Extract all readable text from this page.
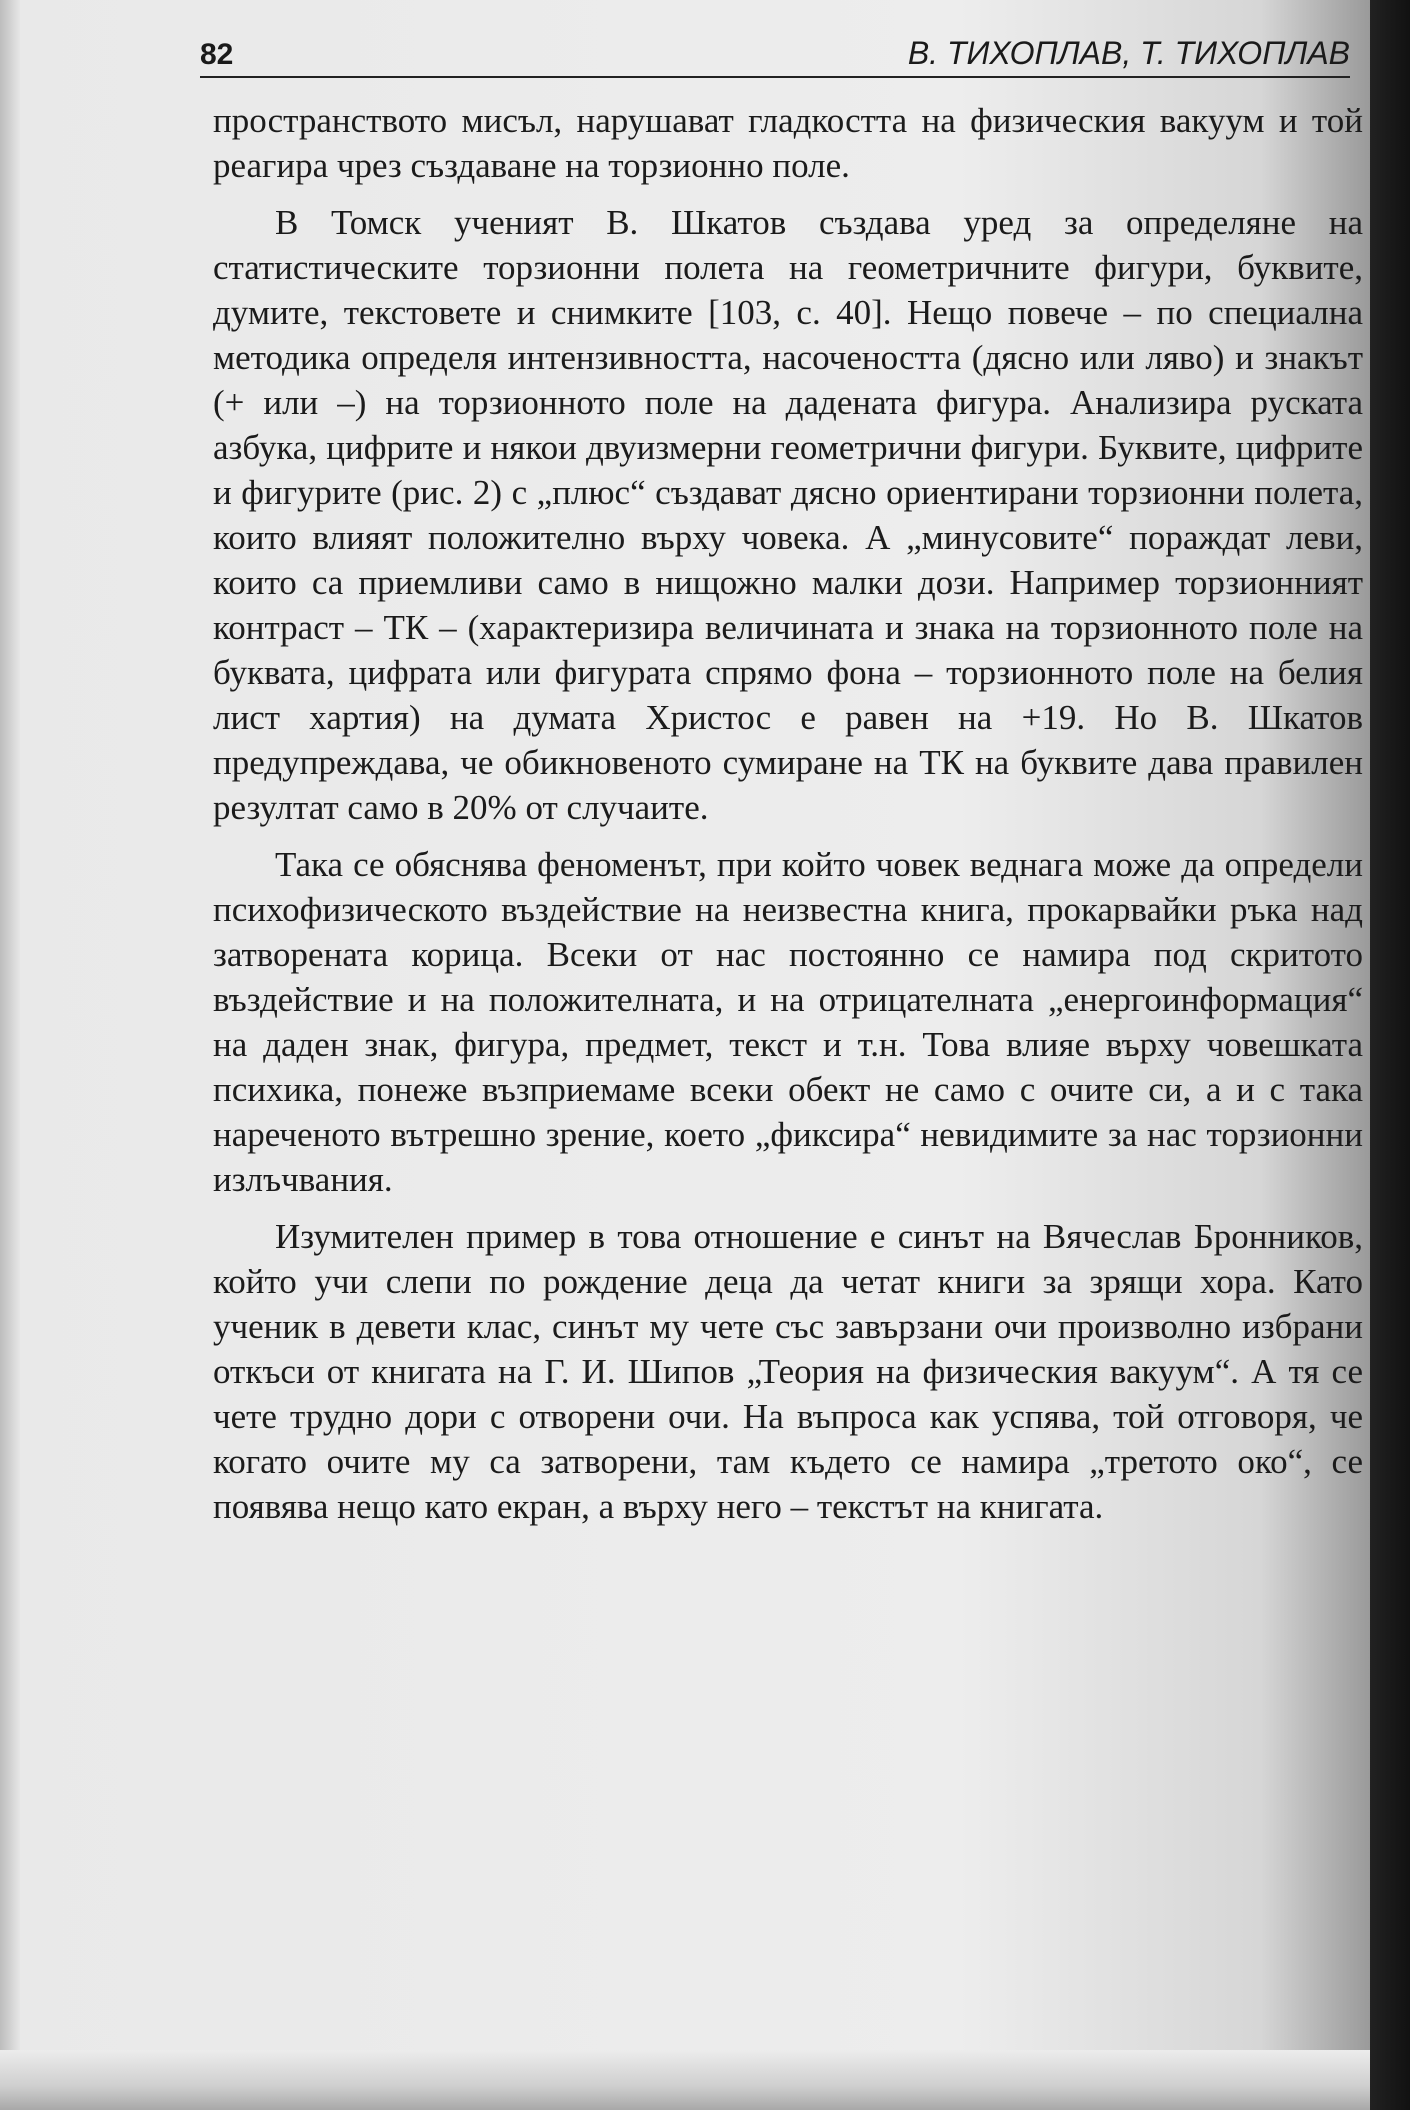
82	В. ТИХОПЛАВ, Т. ТИХОПЛАВ

пространството мисъл, нарушават гладкостта на физическия вакуум и той реагира чрез създаване на торзионно поле.

В Томск ученият В. Шкатов създава уред за определяне на статистическите торзионни полета на геометричните фигури, буквите, думите, текстовете и снимките [103, с. 40]. Нещо повече – по специална методика определя интензивността, насочеността (дясно или ляво) и знакът (+ или –) на торзионното поле на дадената фигура. Анализира руската азбука, цифрите и някои двуизмерни геометрични фигури. Буквите, цифрите и фигурите (рис. 2) с „плюс“ създават дясно ориентирани торзионни полета, които влияят положително върху човека. А „минусовите“ пораждат леви, които са приемливи само в нищожно малки дози. Например торзионният контраст – ТК – (характеризира величината и знака на торзионното поле на буквата, цифрата или фигурата спрямо фона – торзионното поле на белия лист хартия) на думата Христос е равен на +19. Но В. Шкатов предупреждава, че обикновеното сумиране на ТК на буквите дава правилен резултат само в 20% от случаите.

Така се обяснява феноменът, при който човек веднага може да определи психофизическото въздействие на неизвестна книга, прокарвайки ръка над затворената корица. Всеки от нас постоянно се намира под скритото въздействие и на положителната, и на отрицателната „енергоинформация“ на даден знак, фигура, предмет, текст и т.н. Това влияе върху човешката психика, понеже възприемаме всеки обект не само с очите си, а и с така нареченото вътрешно зрение, което „фиксира“ невидимите за нас торзионни излъчвания.

Изумителен пример в това отношение е синът на Вячеслав Бронников, който учи слепи по рождение деца да четат книги за зрящи хора. Като ученик в девети клас, синът му чете със завързани очи произволно избрани откъси от книгата на Г. И. Шипов „Теория на физическия вакуум“. А тя се чете трудно дори с отворени очи. На въпроса как успява, той отговоря, че когато очите му са затворени, там където се намира „третото око“, се появява нещо като екран, а върху него – текстът на книгата.
